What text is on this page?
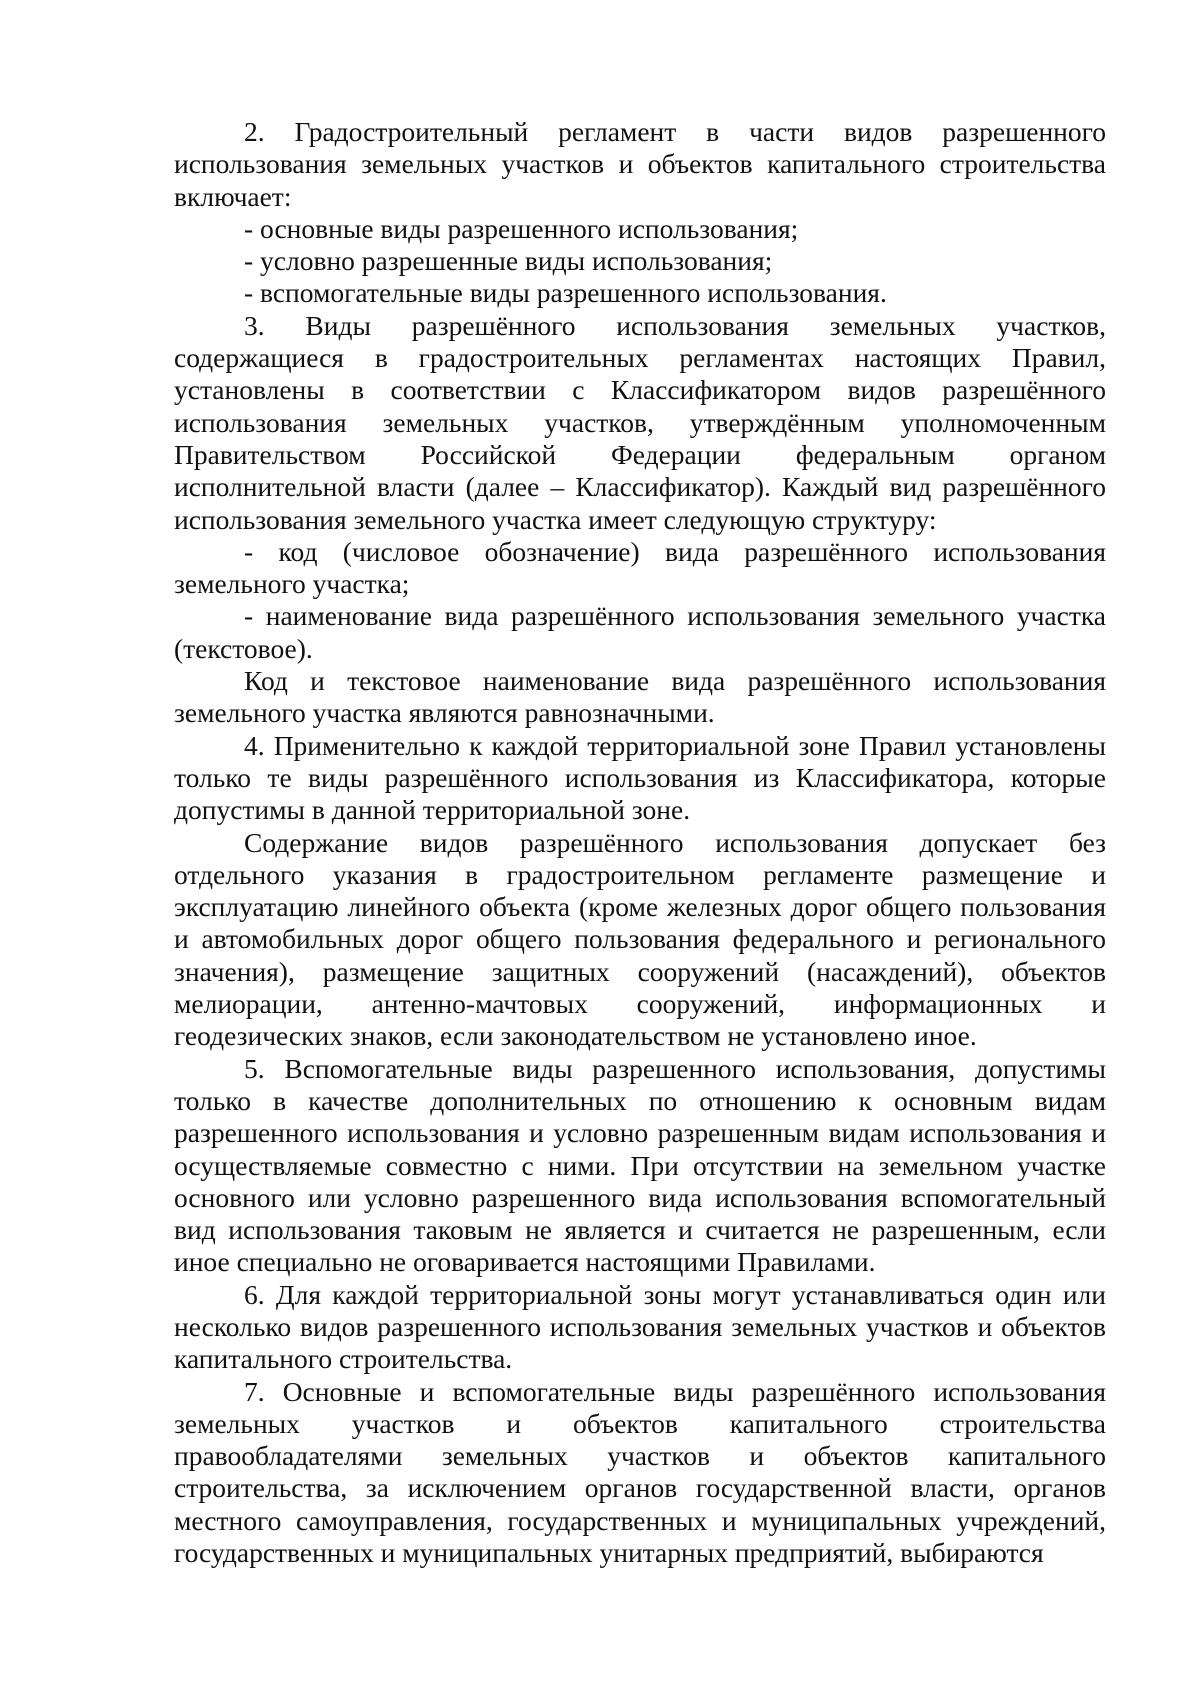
2. Градостроительный регламент в части видов разрешенного использования земельных участков и объектов капитального строительства включает:

- основные виды разрешенного использования;

- условно разрешенные виды использования;

- вспомогательные виды разрешенного использования.

3. Виды разрешённого использования земельных участков, содержащиеся в градостроительных регламентах настоящих Правил, установлены в соответствии с Классификатором видов разрешённого использования земельных участков, утверждённым уполномоченным Правительством Российской Федерации федеральным органом исполнительной власти (далее – Классификатор). Каждый вид разрешённого использования земельного участка имеет следующую структуру:

- код (числовое обозначение) вида разрешённого использования земельного участка;

- наименование вида разрешённого использования земельного участка (текстовое).

Код и текстовое наименование вида разрешённого использования земельного участка являются равнозначными.

4. Применительно к каждой территориальной зоне Правил установлены только те виды разрешённого использования из Классификатора, которые допустимы в данной территориальной зоне.

Содержание видов разрешённого использования допускает без отдельного указания в градостроительном регламенте размещение и эксплуатацию линейного объекта (кроме железных дорог общего пользования и автомобильных дорог общего пользования федерального и регионального значения), размещение защитных сооружений (насаждений), объектов мелиорации, антенно-мачтовых сооружений, информационных и геодезических знаков, если законодательством не установлено иное.

5. Вспомогательные виды разрешенного использования, допустимы только в качестве дополнительных по отношению к основным видам разрешенного использования и условно разрешенным видам использования и осуществляемые совместно с ними. При отсутствии на земельном участке основного или условно разрешенного вида использования вспомогательный вид использования таковым не является и считается не разрешенным, если иное специально не оговаривается настоящими Правилами.

6. Для каждой территориальной зоны могут устанавливаться один или несколько видов разрешенного использования земельных участков и объектов капитального строительства.

7. Основные и вспомогательные виды разрешённого использования земельных участков и объектов капитального строительства правообладателями земельных участков и объектов капитального строительства, за исключением органов государственной власти, органов местного самоуправления, государственных и муниципальных учреждений, государственных и муниципальных унитарных предприятий, выбираются
